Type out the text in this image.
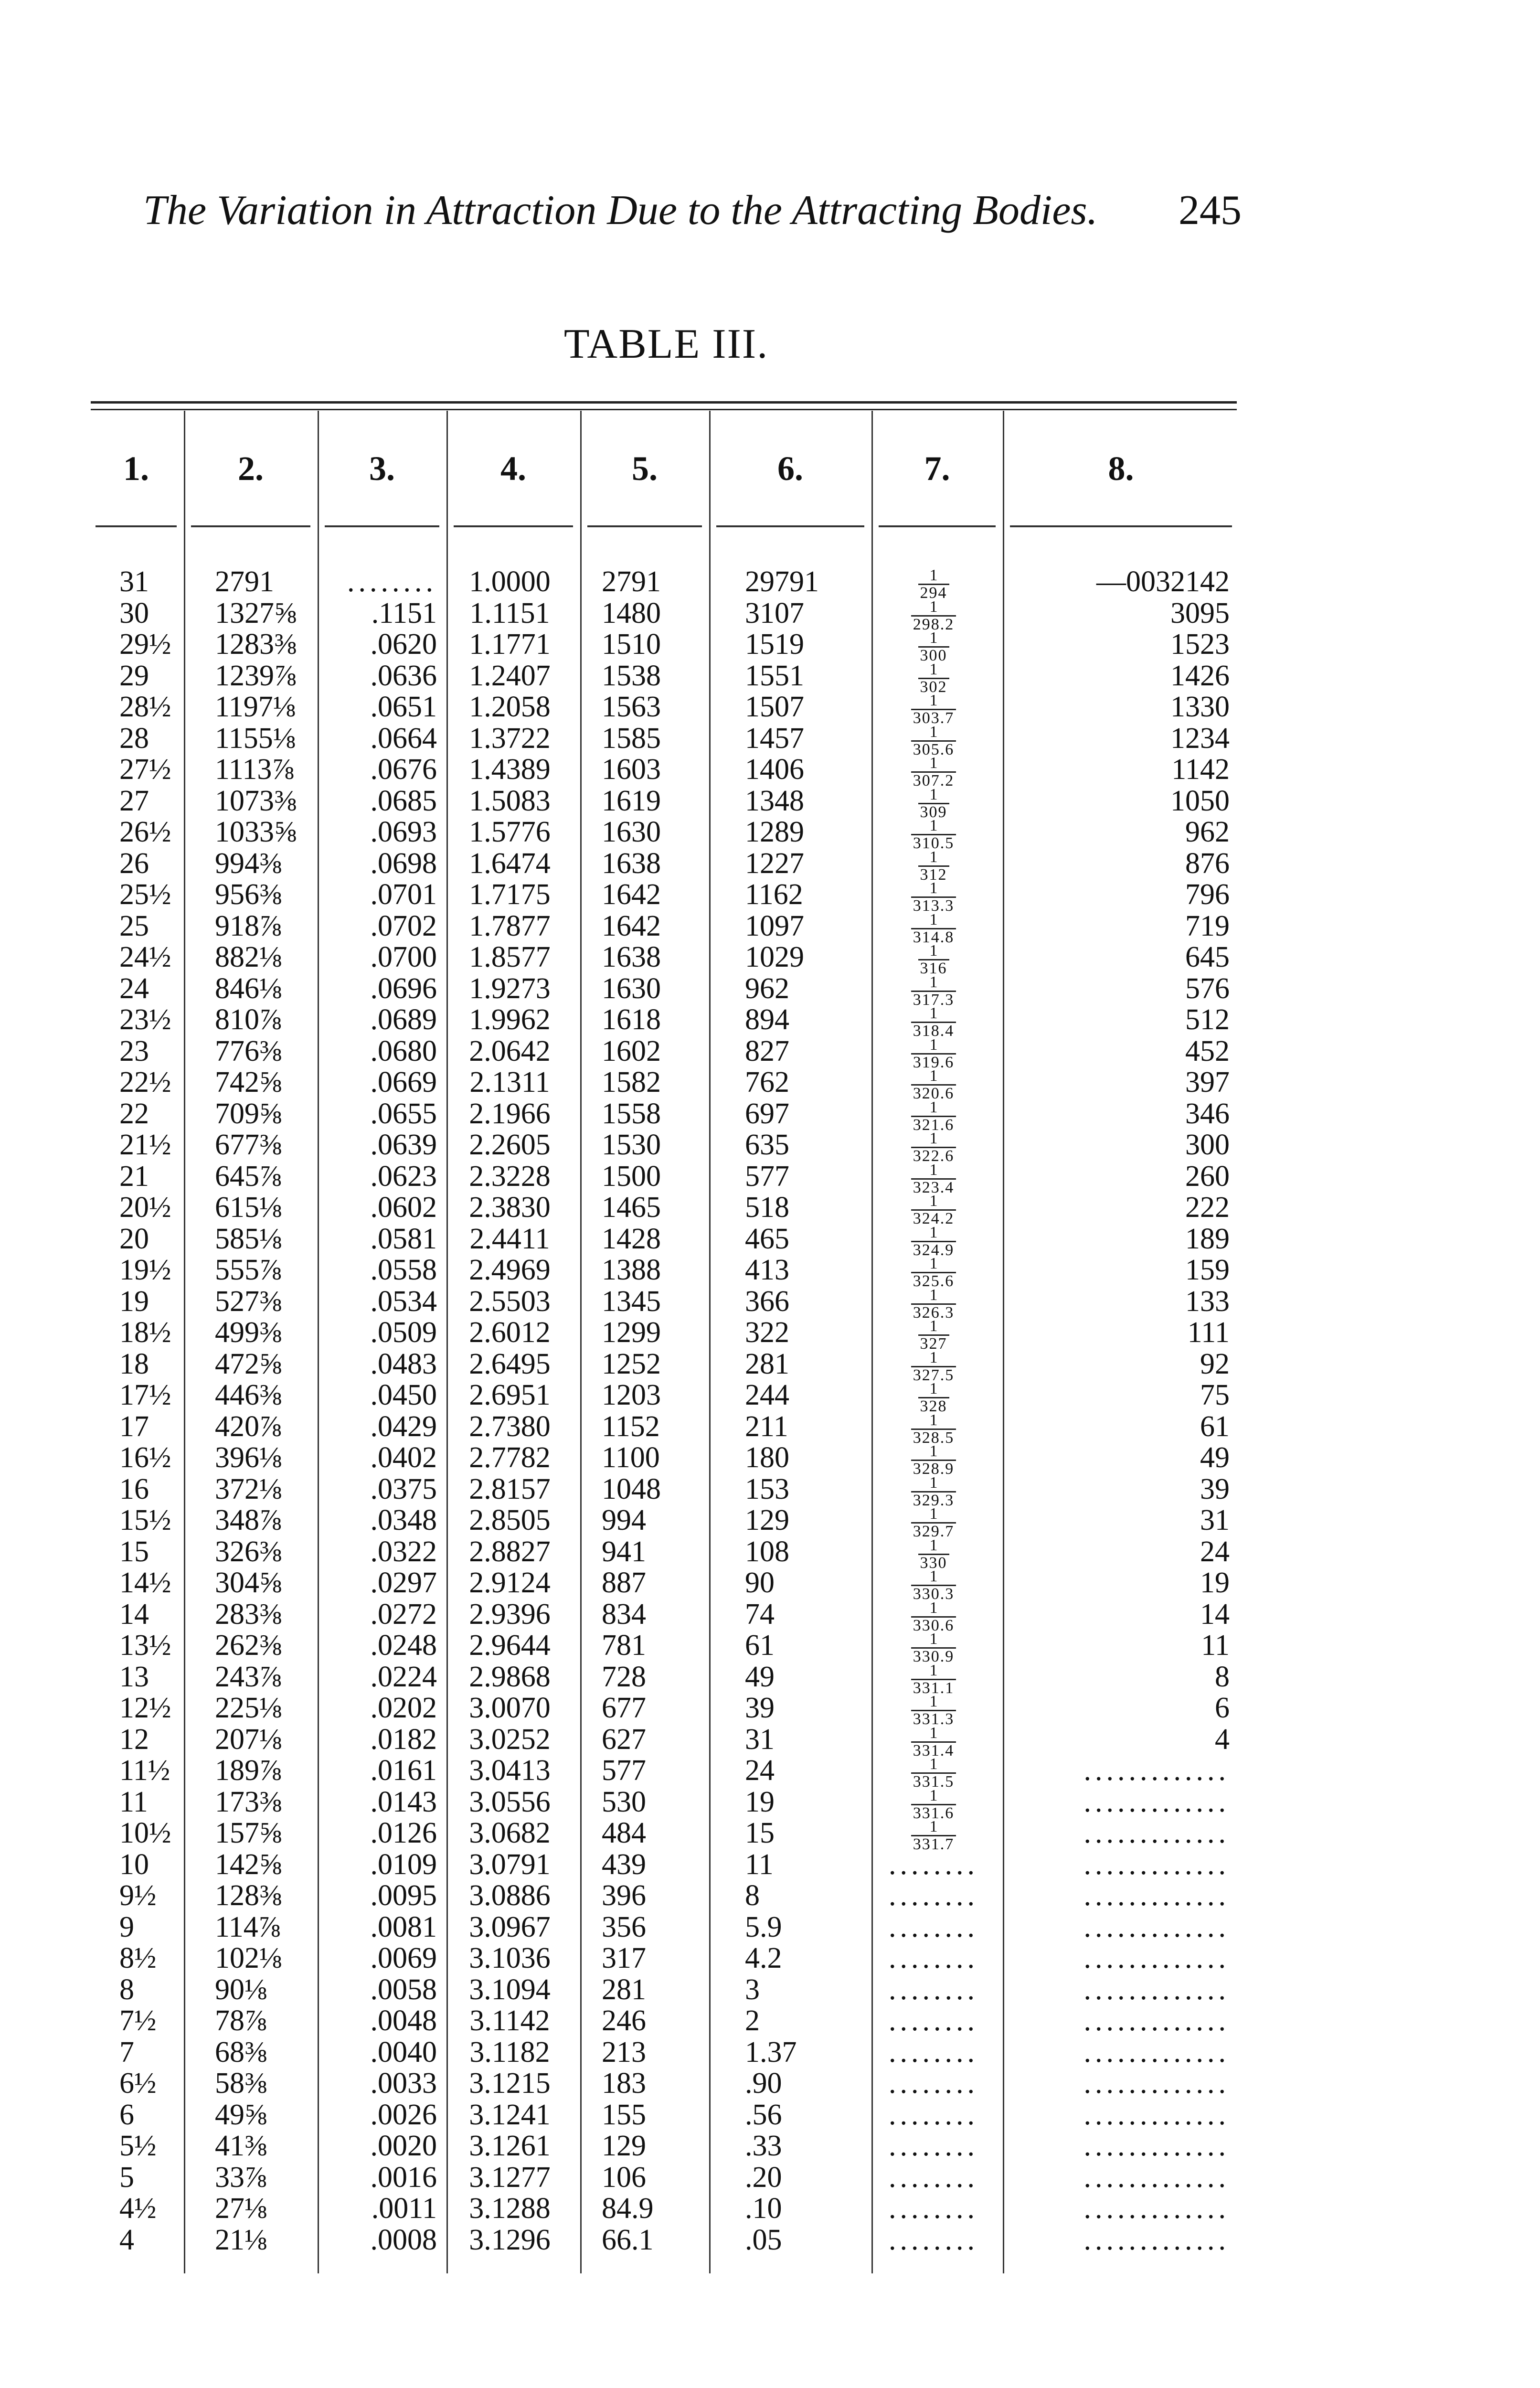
The Variation in Attraction Due to the Attracting Bodies. 245
TABLE III.
1.	2.	3.	4.	5.	6.	7.	8.
31	2791	........	1.0000	2791	29791	$\frac{1}{294}$	—0032142
30	1327⅝	.1151	1.1151	1480	3107	$\frac{1}{298.2}$	3095
29½	1283⅜	.0620	1.1771	1510	1519	$\frac{1}{300}$	1523
29	1239⅞	.0636	1.2407	1538	1551	$\frac{1}{302}$	1426
28½	1197⅛	.0651	1.2058	1563	1507	$\frac{1}{303.7}$	1330
28	1155⅛	.0664	1.3722	1585	1457	$\frac{1}{305.6}$	1234
27½	1113⅞	.0676	1.4389	1603	1406	$\frac{1}{307.2}$	1142
27	1073⅜	.0685	1.5083	1619	1348	$\frac{1}{309}$	1050
26½	1033⅝	.0693	1.5776	1630	1289	$\frac{1}{310.5}$	962
26	994⅜	.0698	1.6474	1638	1227	$\frac{1}{312}$	876
25½	956⅜	.0701	1.7175	1642	1162	$\frac{1}{313.3}$	796
25	918⅞	.0702	1.7877	1642	1097	$\frac{1}{314.8}$	719
24½	882⅛	.0700	1.8577	1638	1029	$\frac{1}{316}$	645
24	846⅛	.0696	1.9273	1630	962	$\frac{1}{317.3}$	576
23½	810⅞	.0689	1.9962	1618	894	$\frac{1}{318.4}$	512
23	776⅜	.0680	2.0642	1602	827	$\frac{1}{319.6}$	452
22½	742⅝	.0669	2.1311	1582	762	$\frac{1}{320.6}$	397
22	709⅝	.0655	2.1966	1558	697	$\frac{1}{321.6}$	346
21½	677⅜	.0639	2.2605	1530	635	$\frac{1}{322.6}$	300
21	645⅞	.0623	2.3228	1500	577	$\frac{1}{323.4}$	260
20½	615⅛	.0602	2.3830	1465	518	$\frac{1}{324.2}$	222
20	585⅛	.0581	2.4411	1428	465	$\frac{1}{324.9}$	189
19½	555⅞	.0558	2.4969	1388	413	$\frac{1}{325.6}$	159
19	527⅜	.0534	2.5503	1345	366	$\frac{1}{326.3}$	133
18½	499⅜	.0509	2.6012	1299	322	$\frac{1}{327}$	111
18	472⅝	.0483	2.6495	1252	281	$\frac{1}{327.5}$	92
17½	446⅜	.0450	2.6951	1203	244	$\frac{1}{328}$	75
17	420⅞	.0429	2.7380	1152	211	$\frac{1}{328.5}$	61
16½	396⅛	.0402	2.7782	1100	180	$\frac{1}{328.9}$	49
16	372⅛	.0375	2.8157	1048	153	$\frac{1}{329.3}$	39
15½	348⅞	.0348	2.8505	994	129	$\frac{1}{329.7}$	31
15	326⅜	.0322	2.8827	941	108	$\frac{1}{330}$	24
14½	304⅝	.0297	2.9124	887	90	$\frac{1}{330.3}$	19
14	283⅜	.0272	2.9396	834	74	$\frac{1}{330.6}$	14
13½	262⅜	.0248	2.9644	781	61	$\frac{1}{330.9}$	11
13	243⅞	.0224	2.9868	728	49	$\frac{1}{331.1}$	8
12½	225⅛	.0202	3.0070	677	39	$\frac{1}{331.3}$	6
12	207⅛	.0182	3.0252	627	31	$\frac{1}{331.4}$	4
11½	189⅞	.0161	3.0413	577	24	$\frac{1}{331.5}$	.............
11	173⅜	.0143	3.0556	530	19	$\frac{1}{331.6}$	.............
10½	157⅝	.0126	3.0682	484	15	$\frac{1}{331.7}$	.............
10	142⅝	.0109	3.0791	439	11	........	.............
9½	128⅜	.0095	3.0886	396	8	........	.............
9	114⅞	.0081	3.0967	356	5.9	........	.............
8½	102⅛	.0069	3.1036	317	4.2	........	.............
8	90⅛	.0058	3.1094	281	3	........	.............
7½	78⅞	.0048	3.1142	246	2	........	.............
7	68⅜	.0040	3.1182	213	1.37	........	.............
6½	58⅜	.0033	3.1215	183	.90	........	.............
6	49⅝	.0026	3.1241	155	.56	........	.............
5½	41⅜	.0020	3.1261	129	.33	........	.............
5	33⅞	.0016	3.1277	106	.20	........	.............
4½	27⅛	.0011	3.1288	84.9	.10	........	.............
4	21⅛	.0008	3.1296	66.1	.05	........	.............
